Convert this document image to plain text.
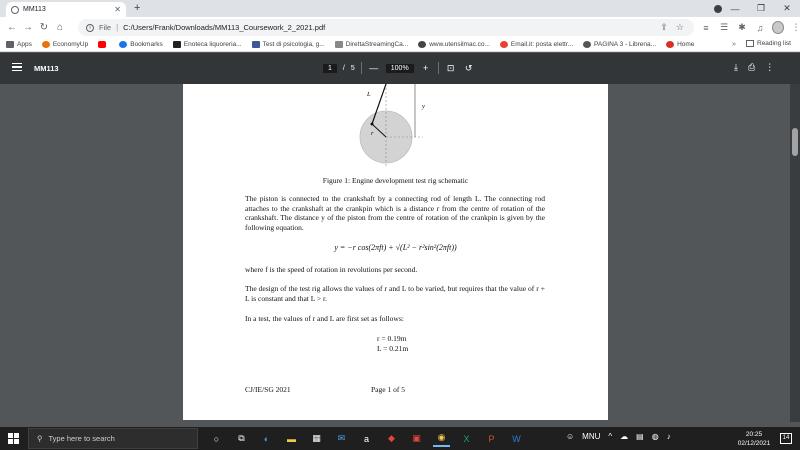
MM113	✕ +	—	❐	✕
← → ↻ ⌂	i	File | C:/Users/Frank/Downloads/MM113_Coursework_2_2021.pdf	⇪ ☆	≡	☰ ✱ ♫	⋮
Apps	EconomyUp	Bookmarks	Enoteca liquoreria...	Test di psicologia, g...	DirettaStreamingCa...	www.utensilmac.co...	Email.it: posta elettr...	PAGINA 3 - Librena...	Home	»	Reading list
MM113	1	/ 5 —	100%	+	⊡ ↺	⤓ ⎙ ⋮
L
y
r
Figure 1: Engine development test rig schematic
The piston is connected to the crankshaft by a connecting rod of length L. The connecting rod attaches to the crankshaft at the crankpin which is a distance r from the centre of rotation of the crankshaft. The distance y of the piston from the centre of rotation of the crankpin is given by the following equation.
y = −r cos(2πft) + √(L² − r²sin²(2πft))
where f is the speed of rotation in revolutions per second.
The design of the test rig allows the values of r and L to be varied, but requires that the value of r + L is constant and that L > r.
In a test, the values of r and L are first set as follows:
r = 0.19m
L = 0.21m
CJ/IE/SG 2021	Page 1 of 5
⚲ Type here to search	○	⧉	◐	▬	▦	✉	a	◆	▣	◉	X	P	W	☺ MNU ^ ☁ ▤ ◍ ♪	20:25
02/12/2021
14
